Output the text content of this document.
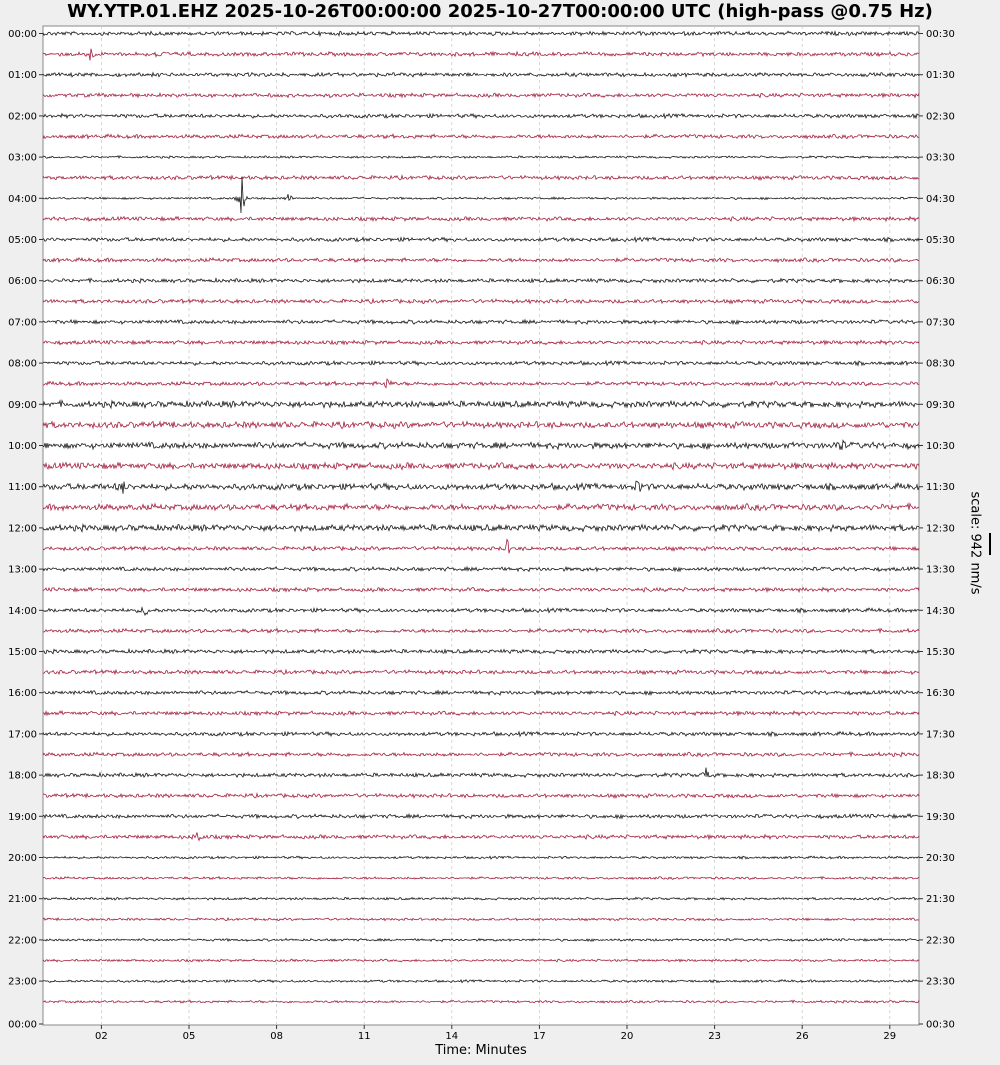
WY.YTP.01.EHZ 2025-10-26T00:00:00 2025-10-27T00:00:00 UTC (high-pass @0.75 Hz)
02	05	08	11	14	17	20	23	26	29
00:00
01:00
02:00
03:00
04:00
05:00
06:00
07:00
08:00
09:00
10:00
11:00
12:00
13:00
14:00
15:00
16:00
17:00
18:00
19:00
20:00
21:00
22:00
23:00
00:00
00:30
01:30
02:30
03:30
04:30
05:30
06:30
07:30
08:30
09:30
10:30
11:30
12:30
13:30
14:30
15:30
16:30
17:30
18:30
19:30
20:30
21:30
22:30
23:30
00:30
scale: 942 nm/s
Time: Minutes
